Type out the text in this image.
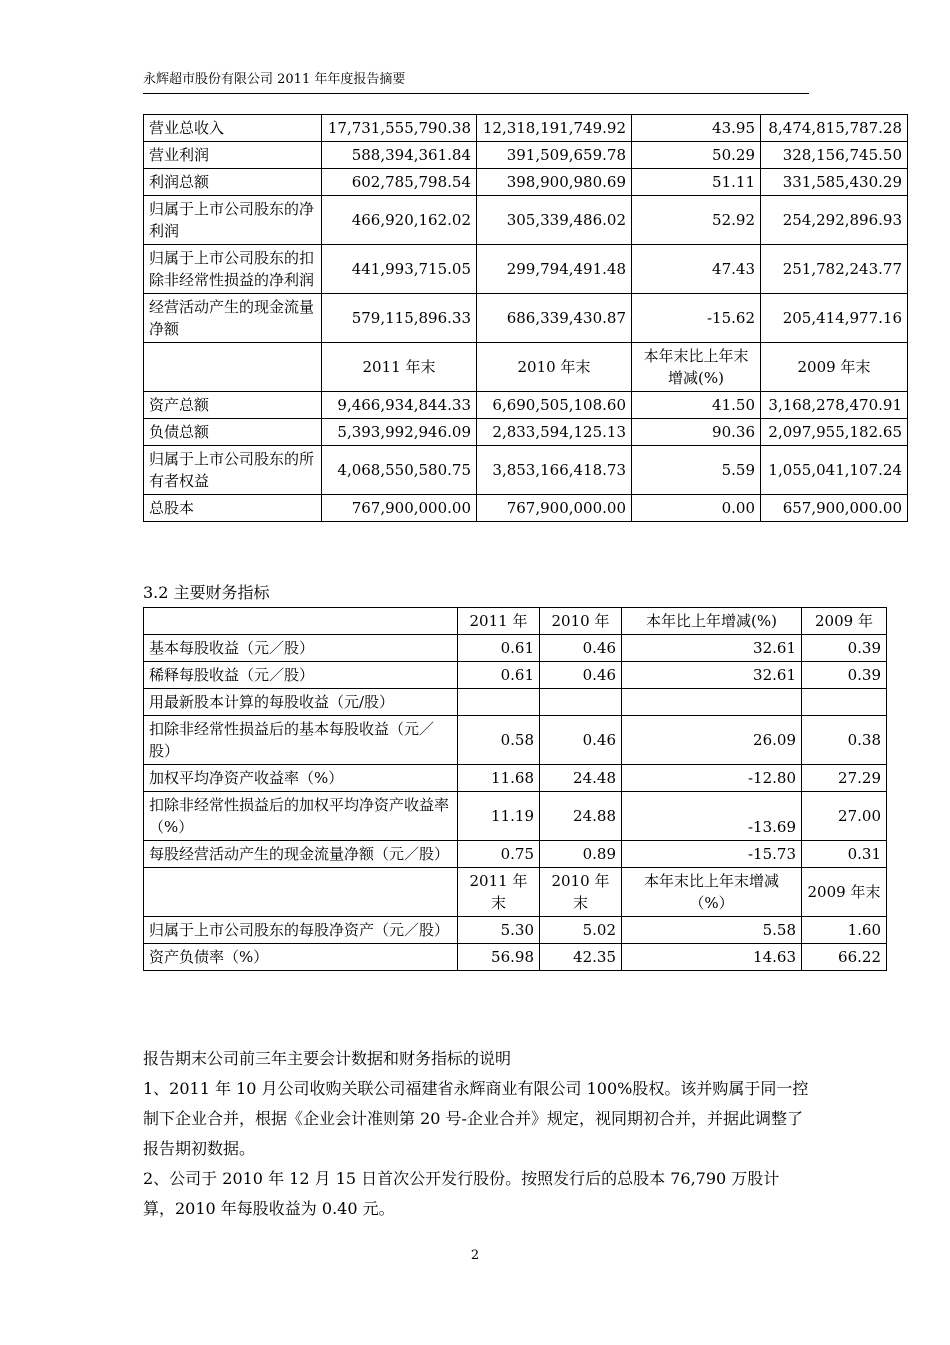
永辉超市股份有限公司 2011 年年度报告摘要
营业总收入	17,731,555,790.38	12,318,191,749.92	43.95	8,474,815,787.28
营业利润	588,394,361.84	391,509,659.78	50.29	328,156,745.50
利润总额	602,785,798.54	398,900,980.69	51.11	331,585,430.29
归属于上市公司股东的净利润	466,920,162.02	305,339,486.02	52.92	254,292,896.93
归属于上市公司股东的扣除非经常性损益的净利润	441,993,715.05	299,794,491.48	47.43	251,782,243.77
经营活动产生的现金流量净额	579,115,896.33	686,339,430.87	-15.62	205,414,977.16
	2011 年末	2010 年末	本年末比上年末增减(%)	2009 年末
资产总额	9,466,934,844.33	6,690,505,108.60	41.50	3,168,278,470.91
负债总额	5,393,992,946.09	2,833,594,125.13	90.36	2,097,955,182.65
归属于上市公司股东的所有者权益	4,068,550,580.75	3,853,166,418.73	5.59	1,055,041,107.24
总股本	767,900,000.00	767,900,000.00	0.00	657,900,000.00
3.2 主要财务指标
	2011 年	2010 年	本年比上年增减(%)	2009 年
基本每股收益（元／股）	0.61	0.46	32.61	0.39
稀释每股收益（元／股）	0.61	0.46	32.61	0.39
用最新股本计算的每股收益（元/股）				
扣除非经常性损益后的基本每股收益（元／股）	0.58	0.46	26.09	0.38
加权平均净资产收益率（%）	11.68	24.48	-12.80	27.29
扣除非经常性损益后的加权平均净资产收益率（%）	11.19	24.88	-13.69	27.00
每股经营活动产生的现金流量净额（元／股）	0.75	0.89	-15.73	0.31
	2011 年末	2010 年末	本年末比上年末增减（%）	2009 年末
归属于上市公司股东的每股净资产（元／股）	5.30	5.02	5.58	1.60
资产负债率（%）	56.98	42.35	14.63	66.22

报告期末公司前三年主要会计数据和财务指标的说明

1、2011 年 10 月公司收购关联公司福建省永辉商业有限公司 100%股权。该并购属于同一控制下企业合并，根据《企业会计准则第 20 号-企业合并》规定，视同期初合并，并据此调整了报告期初数据。

2、公司于 2010 年 12 月 15 日首次公开发行股份。按照发行后的总股本 76,790 万股计算，2010 年每股收益为 0.40 元。

2
